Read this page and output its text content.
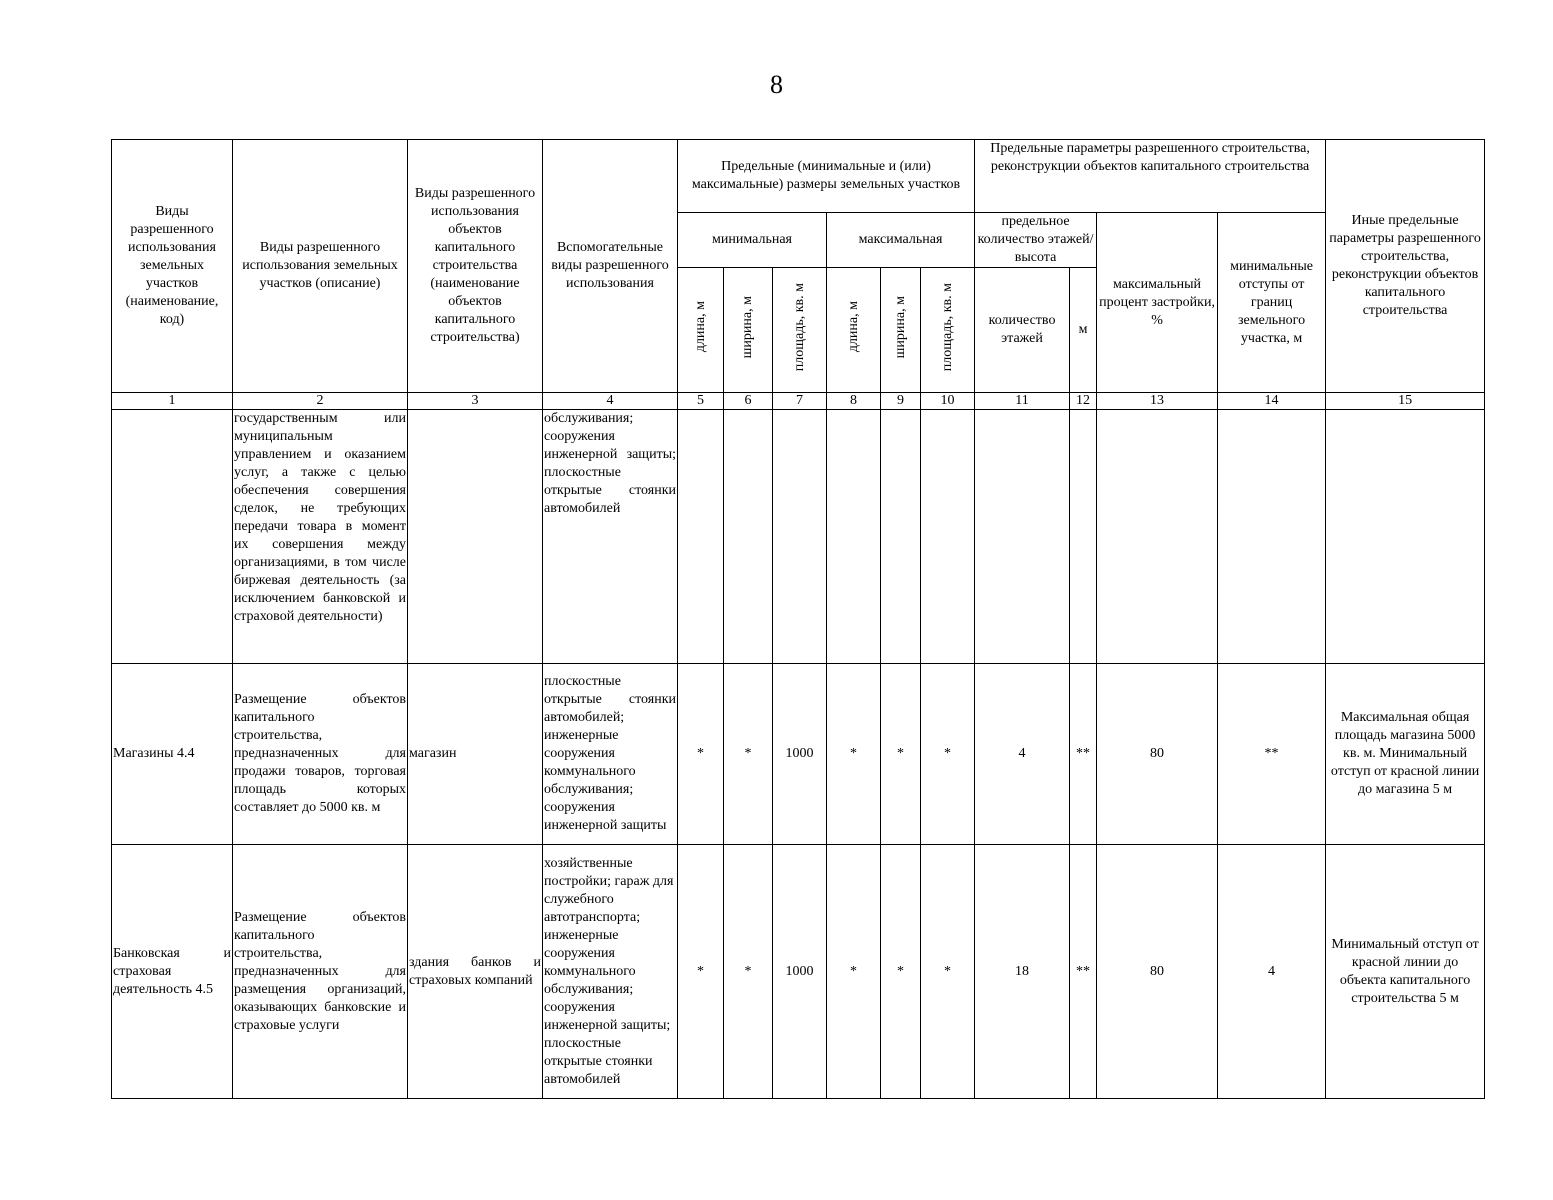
8
Виды разрешенного использования земельных участков (наименование, код)	Виды разрешенного использования земельных участков (описание)	Виды разрешенного использования объектов капитального строительства (наименование объектов капитального строительства)	Вспомогательные виды разрешенного использования	Предельные (минимальные и (или) максимальные) размеры земельных участков						Предельные параметры разрешенного строительства, реконструкции объектов капитального строительства				Иные предельные параметры разрешенного строительства, реконструкции объектов капитального строительства
				минимальная			максимальная			предельное количество этажей/высота		максимальный процент застройки, %	минимальные отступы от границ земельного участка, м	
				длина, м	ширина, м	площадь, кв. м	длина, м	ширина, м	площадь, кв. м	количество этажей	м			
1	2	3	4	5	6	7	8	9	10	11	12	13	14	15
	государственным или муниципальным управлением и оказанием услуг, а также с целью обеспечения совершения сделок, не требующих передачи товара в момент их совершения между организациями, в том числе биржевая деятельность (за исключением банковской и страховой деятельности)		обслуживания; сооружения инженерной защиты; плоскостные открытые стоянки автомобилей											
Магазины 4.4	Размещение объектов капитального строительства, предназначенных для продажи товаров, торговая площадь которых составляет до 5000 кв. м	магазин	плоскостные открытые стоянки автомобилей; инженерные сооружения коммунального обслуживания; сооружения инженерной защиты	*	*	1000	*	*	*	4	**	80	**	Максимальная общая площадь магазина 5000 кв. м. Минимальный отступ от красной линии до магазина 5 м
Банковская и страховая деятельность 4.5	Размещение объектов капитального строительства, предназначенных для размещения организаций, оказывающих банковские и страховые услуги	здания банков и страховых компаний	хозяйственные постройки; гараж для служебного автотранспорта; инженерные сооружения коммунального обслуживания; сооружения инженерной защиты; плоскостные открытые стоянки автомобилей	*	*	1000	*	*	*	18	**	80	4	Минимальный отступ от красной линии до объекта капитального строительства 5 м
